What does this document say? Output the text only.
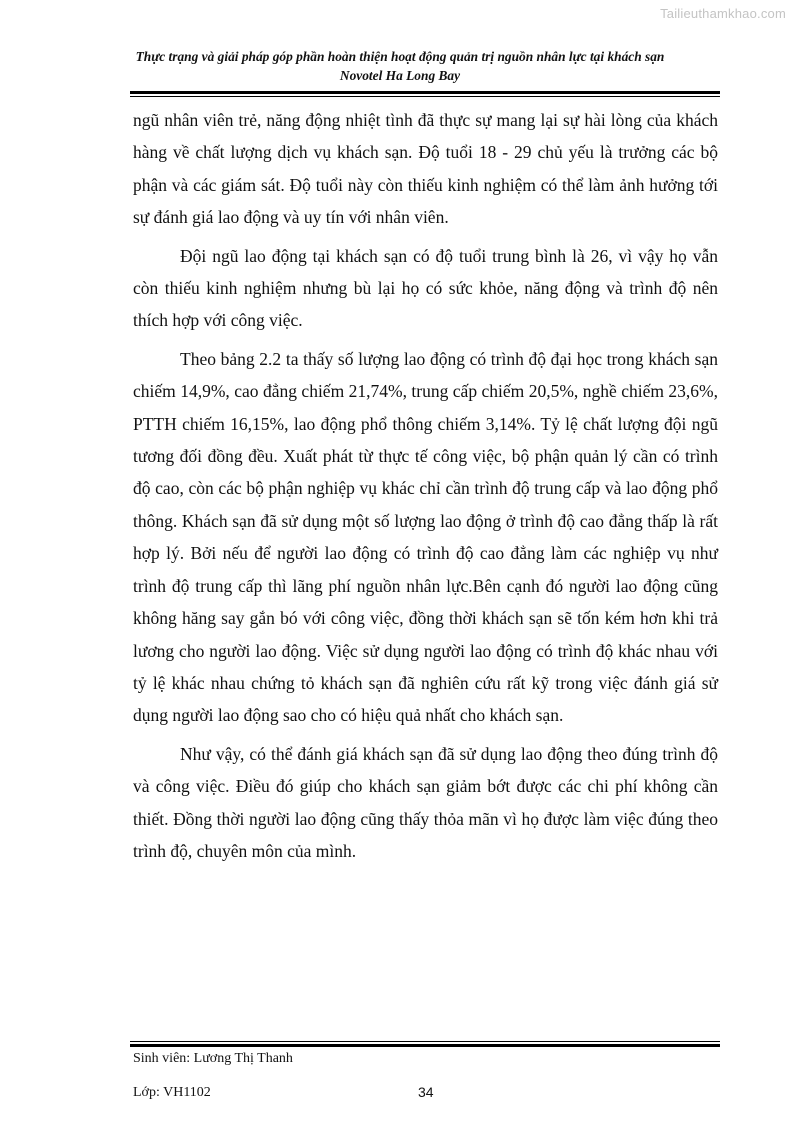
Tailieuthamkhao.com
Thực trạng và giải pháp góp phần hoàn thiện hoạt động quản trị nguồn nhân lực tại khách sạn
Novotel Ha Long Bay

ngũ nhân viên trẻ, năng động nhiệt tình đã thực sự mang lại sự hài lòng của khách hàng về chất lượng dịch vụ khách sạn. Độ tuổi 18 - 29 chủ yếu là trưởng các bộ phận và các giám sát. Độ tuổi này còn thiếu kinh nghiệm có thể làm ảnh hưởng tới sự đánh giá lao động và uy tín với nhân viên.

Đội ngũ lao động tại khách sạn có độ tuổi trung bình là 26, vì vậy họ vẫn còn thiếu kinh nghiệm nhưng bù lại họ có sức khỏe, năng động và trình độ nên thích hợp với công việc.

Theo bảng 2.2 ta thấy số lượng lao động có trình độ đại học trong khách sạn chiếm 14,9%, cao đẳng chiếm 21,74%, trung cấp chiếm 20,5%, nghề chiếm 23,6%, PTTH chiếm 16,15%, lao động phổ thông chiếm 3,14%. Tỷ lệ chất lượng đội ngũ tương đối đồng đều. Xuất phát từ thực tế công việc, bộ phận quản lý cần có trình độ cao, còn các bộ phận nghiệp vụ khác chỉ cần trình độ trung cấp và lao động phổ thông. Khách sạn đã sử dụng một số lượng lao động ở trình độ cao đẳng thấp là rất hợp lý. Bởi nếu để người lao động có trình độ cao đẳng làm các nghiệp vụ như trình độ trung cấp thì lãng phí nguồn nhân lực.Bên cạnh đó người lao động cũng không hăng say gắn bó với công việc, đồng thời khách sạn sẽ tốn kém hơn khi trả lương cho người lao động. Việc sử dụng người lao động có trình độ khác nhau với tỷ lệ khác nhau chứng tỏ khách sạn đã nghiên cứu rất kỹ trong việc đánh giá sử dụng người lao động sao cho có hiệu quả nhất cho khách sạn.

Như vậy, có thể đánh giá khách sạn đã sử dụng lao động theo đúng trình độ và công việc. Điều đó giúp cho khách sạn giảm bớt được các chi phí không cần thiết. Đồng thời người lao động cũng thấy thỏa mãn vì họ được làm việc đúng theo trình độ, chuyên môn của mình.

Sinh viên: Lương Thị Thanh
Lớp: VH1102	34
